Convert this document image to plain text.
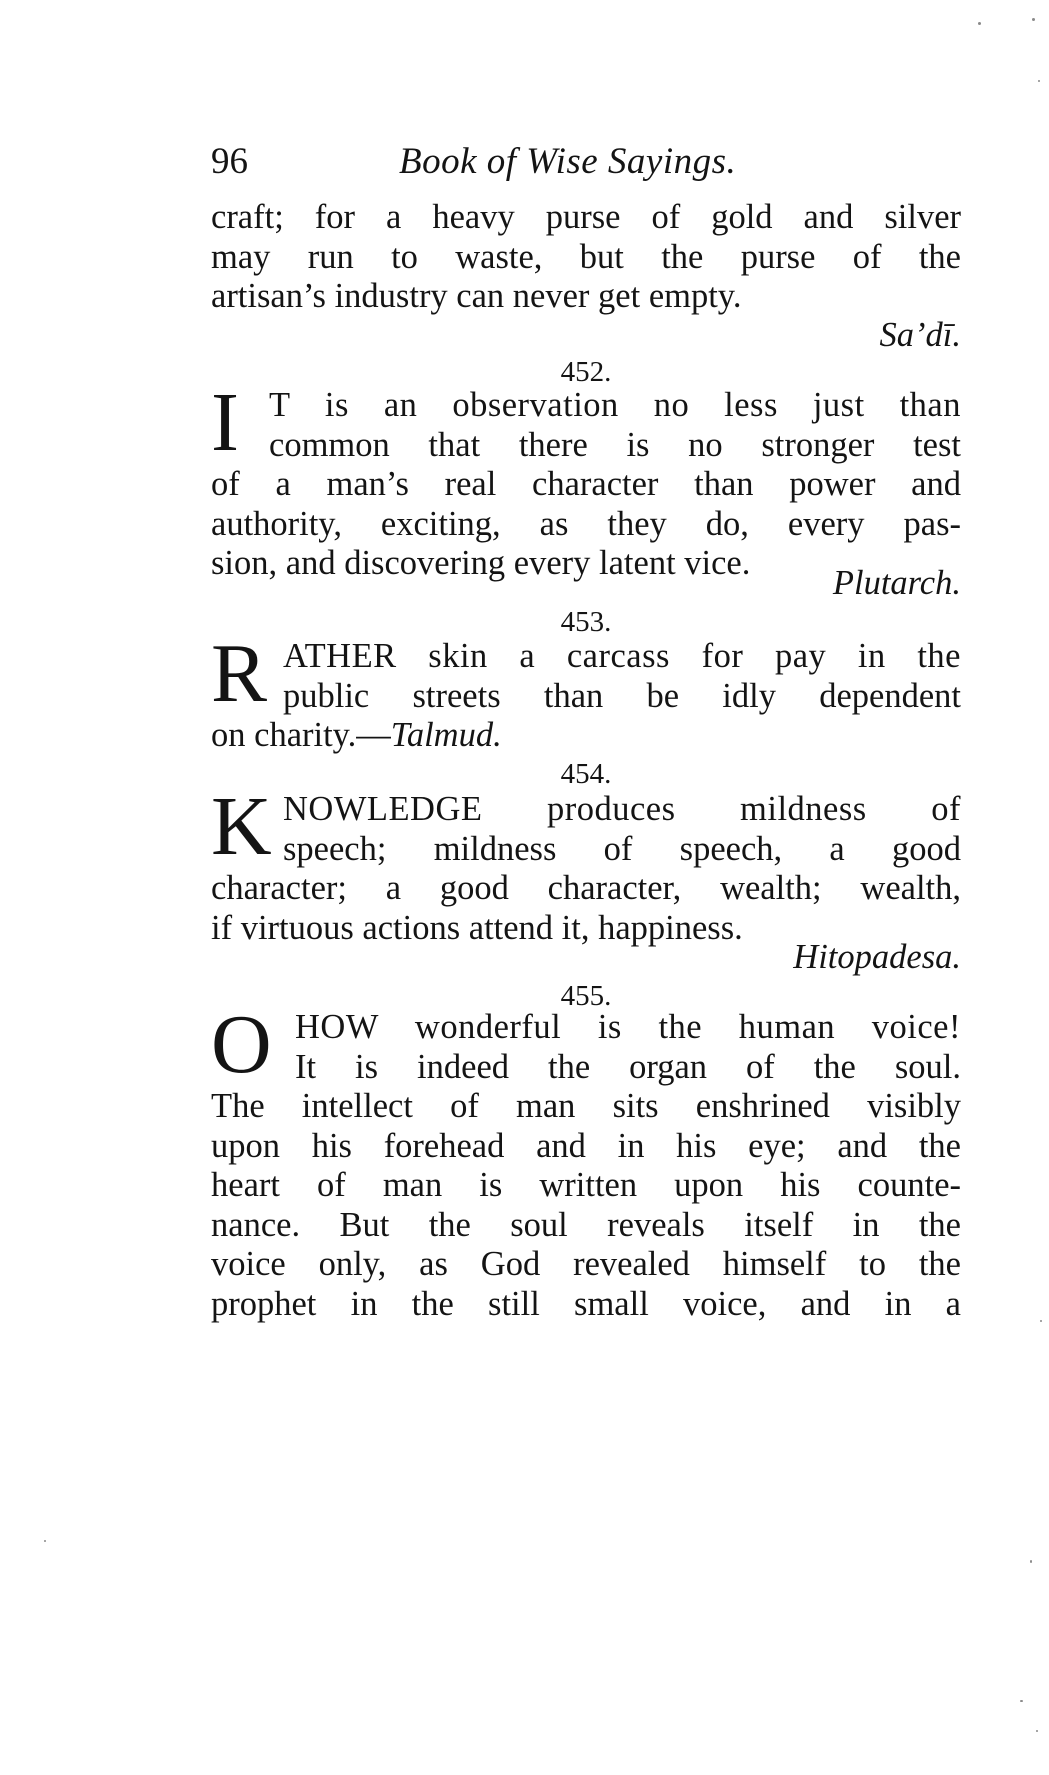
96	Book of Wise Sayings.
craft; for a heavy purse of gold and silver
may run to waste, but the purse of the
artisan’s industry can never get empty.
Sa’dī.
452.
I T is an observation no less just than
common that there is no stronger test
of a man’s real character than power and
authority, exciting, as they do, every pas-
sion, and discovering every latent vice.
Plutarch.
453.
R ATHER skin a carcass for pay in the
public streets than be idly dependent
on charity.—Talmud.
454.
K NOWLEDGE produces mildness of
speech; mildness of speech, a good
character; a good character, wealth; wealth,
if virtuous actions attend it, happiness.
Hitopadesa.
455.
O HOW wonderful is the human voice!
It is indeed the organ of the soul.
The intellect of man sits enshrined visibly
upon his forehead and in his eye; and the
heart of man is written upon his counte-
nance. But the soul reveals itself in the
voice only, as God revealed himself to the
prophet in the still small voice, and in a
